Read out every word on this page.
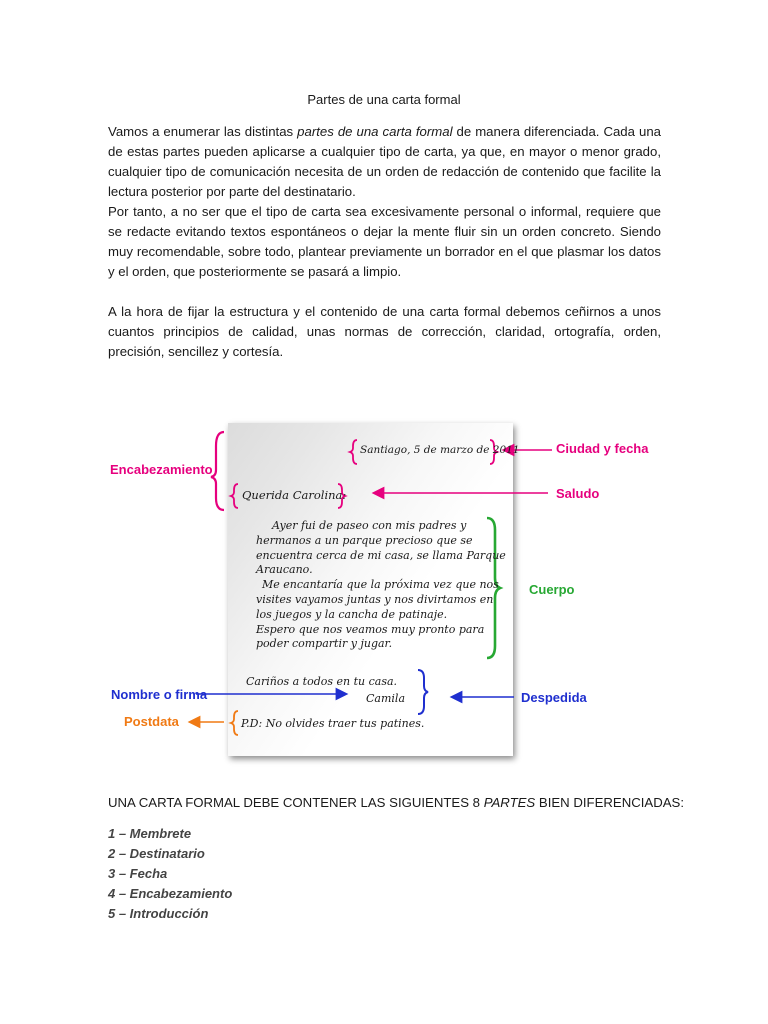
Partes de una carta formal

Vamos a enumerar las distintas partes de una carta formal de manera diferenciada. Cada una de estas partes pueden aplicarse a cualquier tipo de carta, ya que, en mayor o menor grado, cualquier tipo de comunicación necesita de un orden de redacción de contenido que facilite la lectura posterior por parte del destinatario.
Por tanto, a no ser que el tipo de carta sea excesivamente personal o informal, requiere que se redacte evitando textos espontáneos o dejar la mente fluir sin un orden concreto. Siendo muy recomendable, sobre todo, plantear previamente un borrador en el que plasmar los datos y el orden, que posteriormente se pasará a limpio.

A la hora de fijar la estructura y el contenido de una carta formal debemos ceñirnos a unos cuantos principios de calidad, unas normas de corrección, claridad, ortografía, orden, precisión, sencillez y cortesía.

Santiago, 5 de marzo de 2011
Querida Carolina:
Ayer fui de paseo con mis padres y hermanos a un parque precioso que se encuentra cerca de mi casa, se llama Parque Araucano.
Me encantaría que la próxima vez que nos visites vayamos juntas y nos divirtamos en los juegos y la cancha de patinaje.
Espero que nos veamos muy pronto para poder compartir y jugar.
Cariños a todos en tu casa.
Camila
P.D: No olvides traer tus patines.
Encabezamiento
Ciudad y fecha
Saludo
Cuerpo
Nombre o firma	Despedida
Postdata
UNA CARTA FORMAL DEBE CONTENER LAS SIGUIENTES 8 PARTES BIEN DIFERENCIADAS:
1 – Membrete
2 – Destinatario
3 – Fecha
4 – Encabezamiento
5 – Introducción
